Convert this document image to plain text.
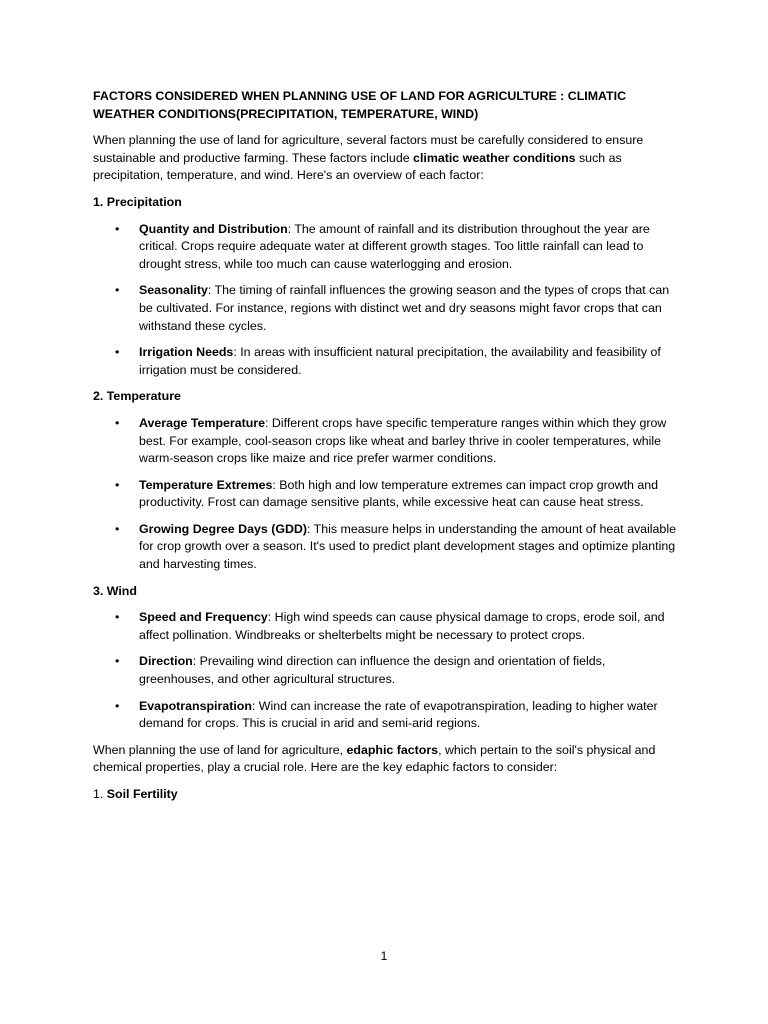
FACTORS CONSIDERED WHEN PLANNING USE OF LAND FOR AGRICULTURE : CLIMATIC WEATHER CONDITIONS(PRECIPITATION, TEMPERATURE, WIND)

When planning the use of land for agriculture, several factors must be carefully considered to ensure sustainable and productive farming. These factors include climatic weather conditions such as precipitation, temperature, and wind. Here's an overview of each factor:

1. Precipitation
• Quantity and Distribution: The amount of rainfall and its distribution throughout the year are critical. Crops require adequate water at different growth stages. Too little rainfall can lead to drought stress, while too much can cause waterlogging and erosion.
• Seasonality: The timing of rainfall influences the growing season and the types of crops that can be cultivated. For instance, regions with distinct wet and dry seasons might favor crops that can withstand these cycles.
• Irrigation Needs: In areas with insufficient natural precipitation, the availability and feasibility of irrigation must be considered.
2. Temperature
• Average Temperature: Different crops have specific temperature ranges within which they grow best. For example, cool-season crops like wheat and barley thrive in cooler temperatures, while warm-season crops like maize and rice prefer warmer conditions.
• Temperature Extremes: Both high and low temperature extremes can impact crop growth and productivity. Frost can damage sensitive plants, while excessive heat can cause heat stress.
• Growing Degree Days (GDD): This measure helps in understanding the amount of heat available for crop growth over a season. It's used to predict plant development stages and optimize planting and harvesting times.
3. Wind
• Speed and Frequency: High wind speeds can cause physical damage to crops, erode soil, and affect pollination. Windbreaks or shelterbelts might be necessary to protect crops.
• Direction: Prevailing wind direction can influence the design and orientation of fields, greenhouses, and other agricultural structures.
• Evapotranspiration: Wind can increase the rate of evapotranspiration, leading to higher water demand for crops. This is crucial in arid and semi-arid regions.

When planning the use of land for agriculture, edaphic factors, which pertain to the soil's physical and chemical properties, play a crucial role. Here are the key edaphic factors to consider:

1. Soil Fertility

1
